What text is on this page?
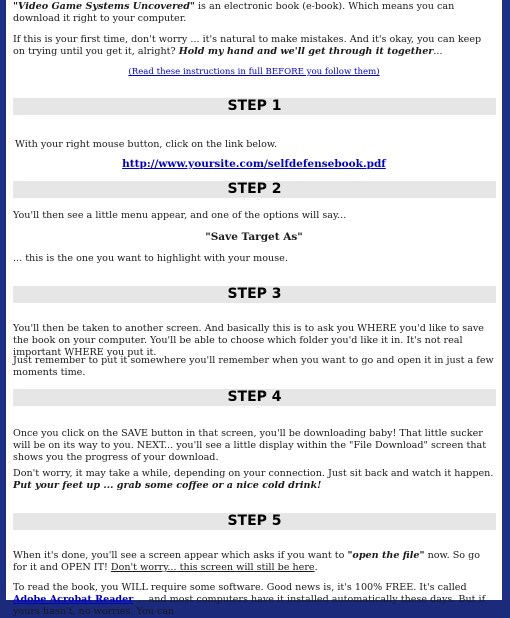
"Video Game Systems Uncovered" is an electronic book (e-book). Which means you can download it right to your computer.

If this is your first time, don't worry ... it's natural to make mistakes. And it's okay, you can keep on trying until you get it, alright? Hold my hand and we'll get through it together...

(Read these instructions in full BEFORE you follow them)

STEP 1

With your right mouse button, click on the link below.

http://www.yoursite.com/selfdefensebook.pdf

STEP 2

You'll then see a little menu appear, and one of the options will say...

"Save Target As"

... this is the one you want to highlight with your mouse.

STEP 3

You'll then be taken to another screen. And basically this is to ask you WHERE you'd like to save the book on your computer. You'll be able to choose which folder you'd like it in. It's not real important WHERE you put it.

Just remember to put it somewhere you'll remember when you want to go and open it in just a few moments time.

STEP 4

Once you click on the SAVE button in that screen, you'll be downloading baby! That little sucker will be on its way to you. NEXT... you'll see a little display within the "File Download" screen that shows you the progress of your download.

Don't worry, it may take a while, depending on your connection. Just sit back and watch it happen. Put your feet up ... grab some coffee or a nice cold drink!

STEP 5

When it's done, you'll see a screen appear which asks if you want to "open the file" now. So go for it and OPEN IT! Don't worry... this screen will still be here.

To read the book, you WILL require some software. Good news is, it's 100% FREE. It's called Adobe Acrobat Reader ... and most computers have it installed automatically these days. But if yours hasn't, no worries. You can
